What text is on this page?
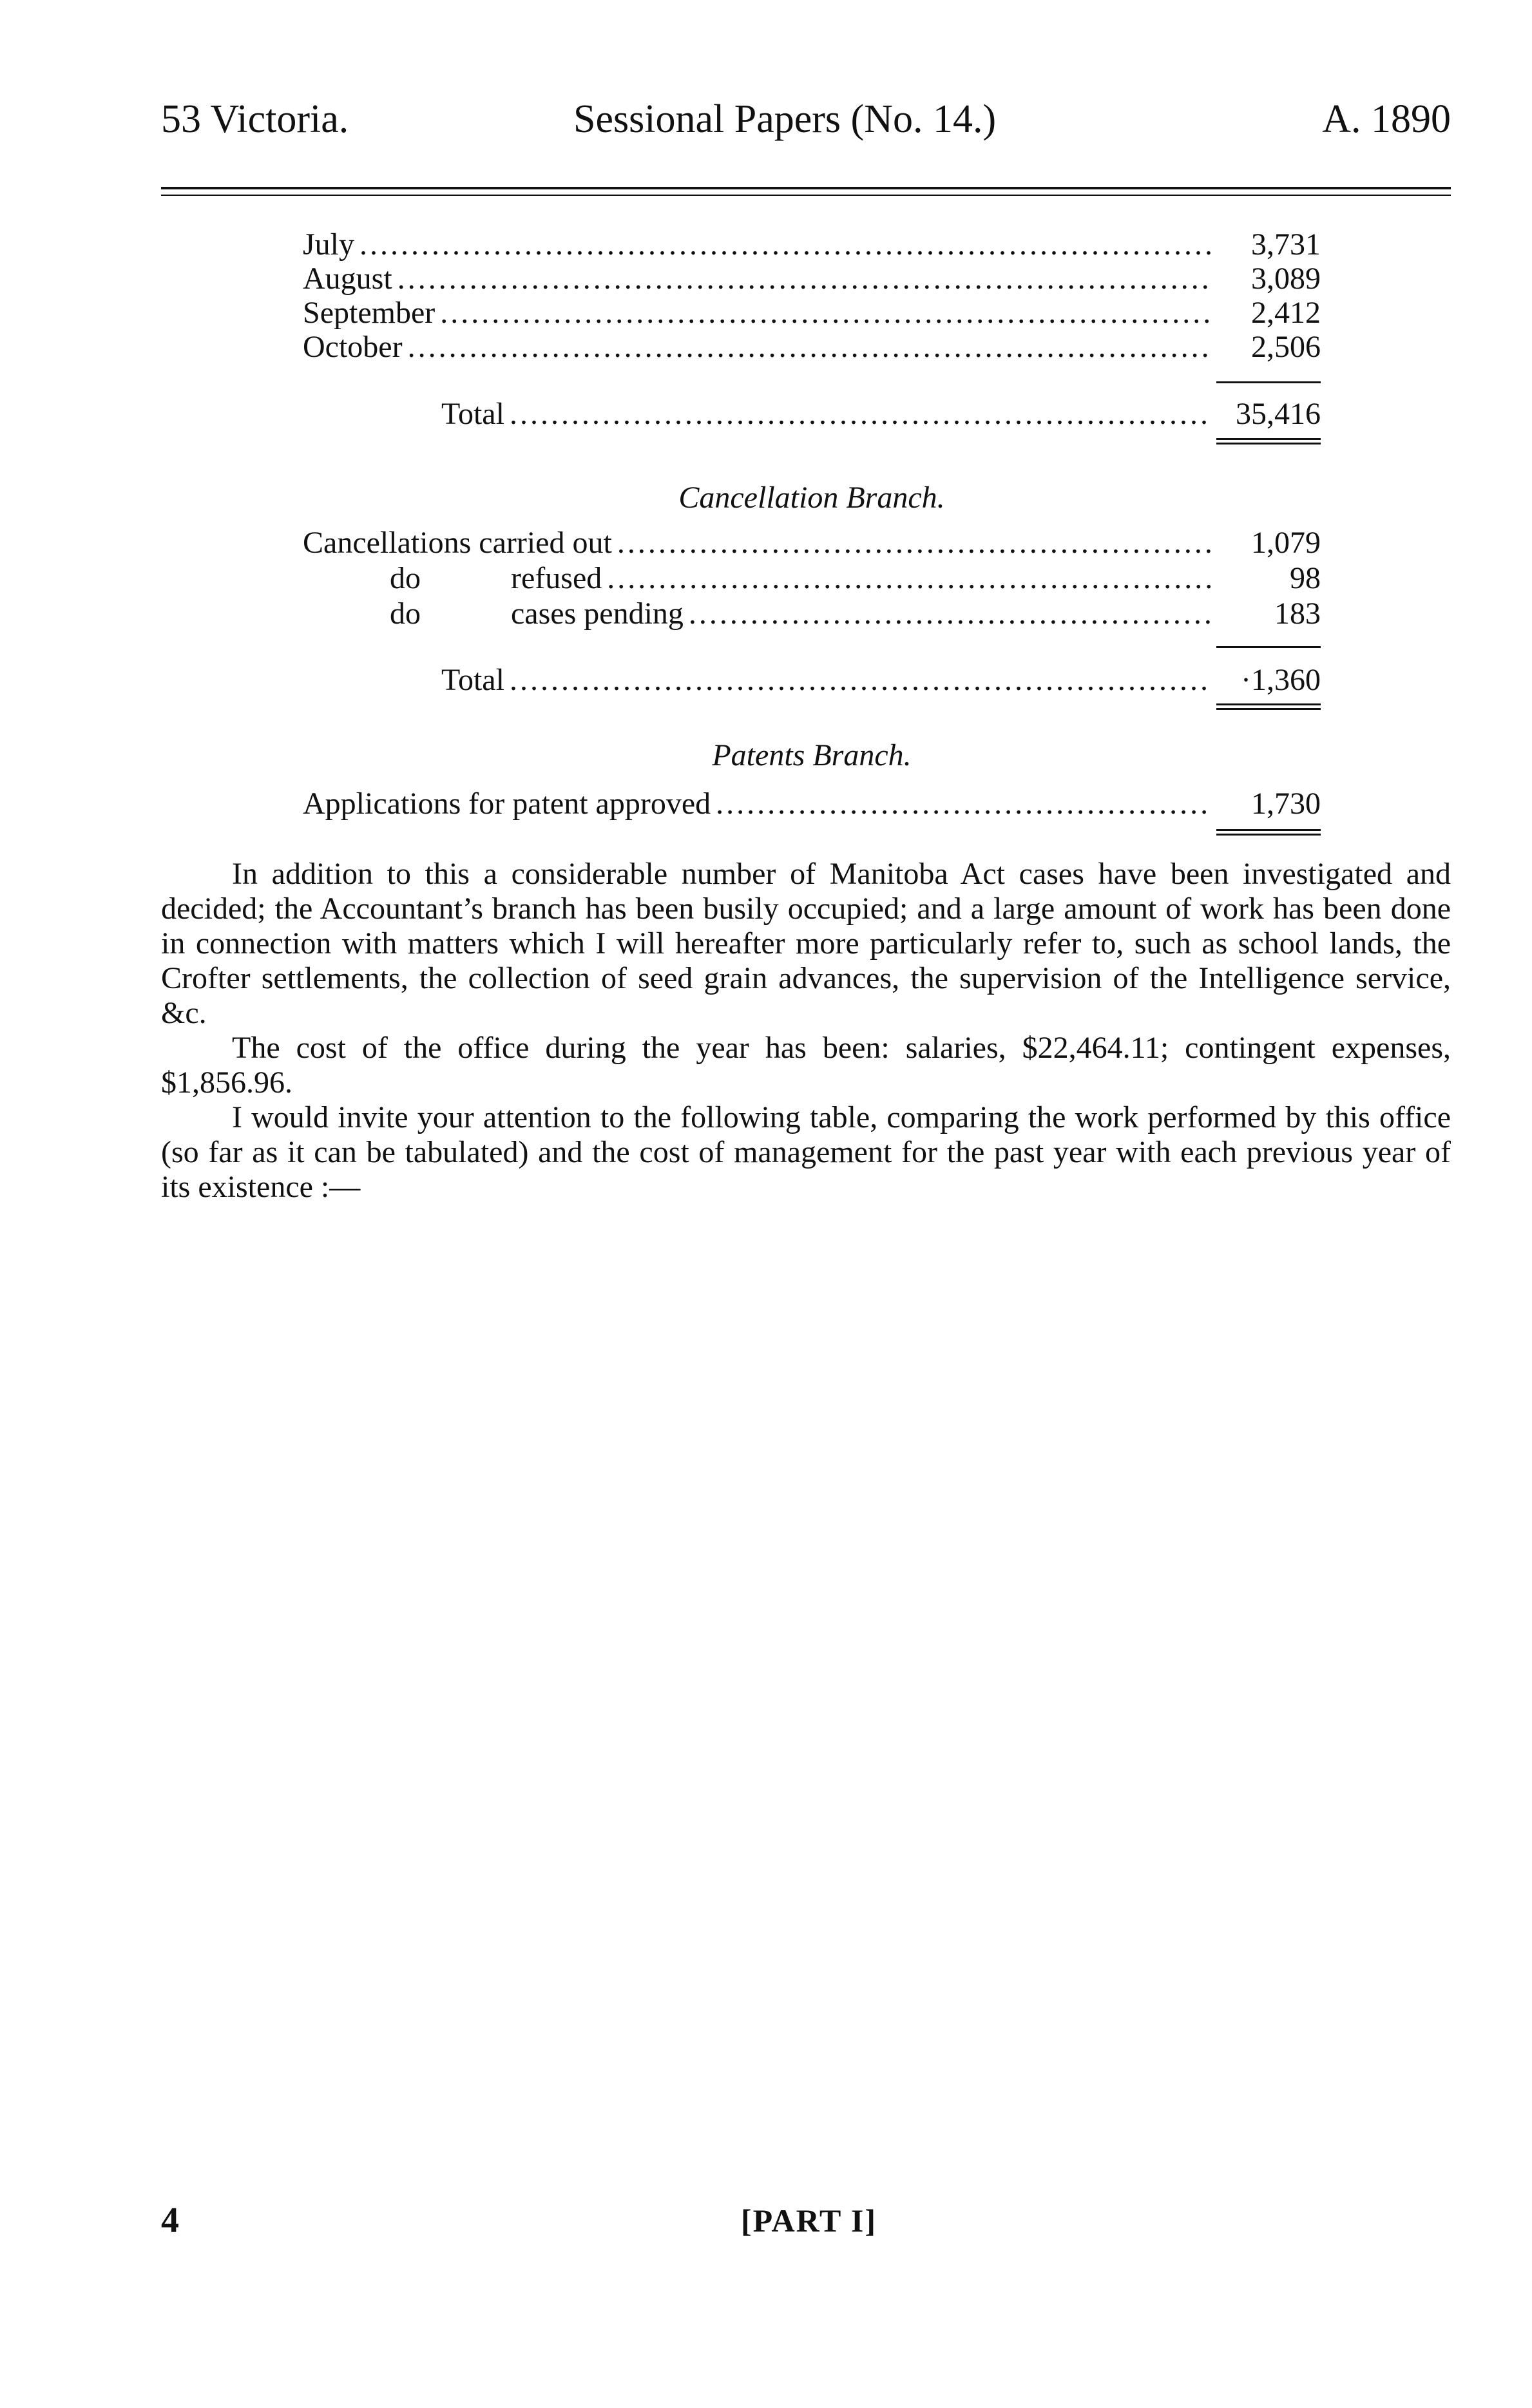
53 Victoria.	Sessional Papers (No. 14.)	A. 1890
July . . .	3,731
August . . .	3,089
September . . .	2,412
October . . .	2,506
Total . . .	35,416
Cancellation Branch.
Cancellations carried out . . .	1,079
do	refused . . .	98
do	cases pending . . .	183
Total . . .	·1,360
Patents Branch.
Applications for patent approved . . .	1,730
In addition to this a considerable number of Manitoba Act cases have been investigated and decided; the Accountant’s branch has been busily occupied; and a large amount of work has been done in connection with matters which I will hereafter more particularly refer to, such as school lands, the Crofter settlements, the collection of seed grain advances, the supervision of the Intelligence service, &c.
The cost of the office during the year has been: salaries, $22,464.11; contingent expenses, $1,856.96.
I would invite your attention to the following table, comparing the work performed by this office (so far as it can be tabulated) and the cost of management for the past year with each previous year of its existence :—
4	[PART I]
